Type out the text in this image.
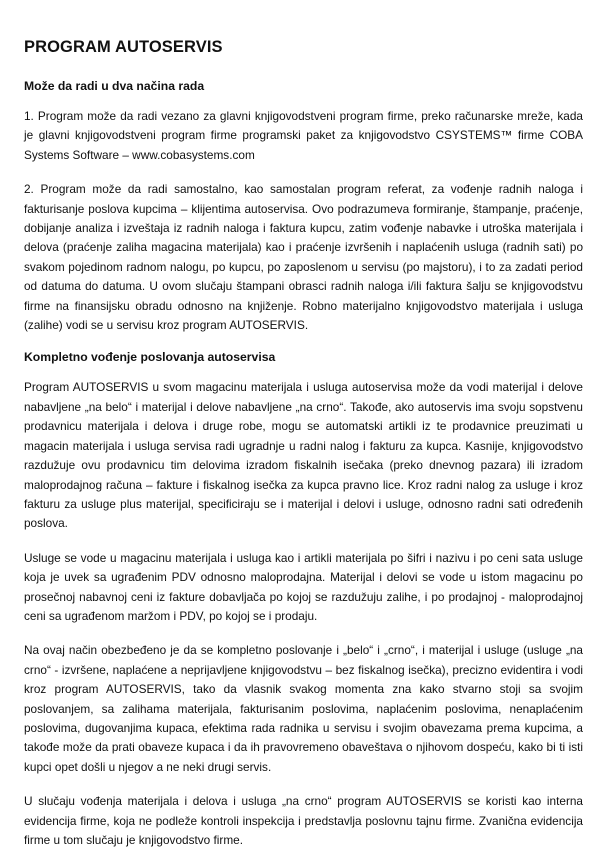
PROGRAM AUTOSERVIS
Može da radi u dva načina rada

1. Program može da radi vezano za glavni knjigovodstveni program firme, preko računarske mreže, kada je glavni knjigovodstveni program firme programski paket za knjigovodstvo CSYSTEMS™ firme COBA Systems Software – www.cobasystems.com

2. Program može da radi samostalno, kao samostalan program referat, za vođenje radnih naloga i fakturisanje poslova kupcima – klijentima autoservisa. Ovo podrazumeva formiranje, štampanje, praćenje, dobijanje analiza i izveštaja iz radnih naloga i faktura kupcu, zatim vođenje nabavke i utroška materijala i delova (praćenje zaliha magacina materijala) kao i praćenje izvršenih i naplaćenih usluga (radnih sati) po svakom pojedinom radnom nalogu, po kupcu, po zaposlenom u servisu (po majstoru), i to za zadati period od datuma do datuma. U ovom slučaju štampani obrasci radnih naloga i/ili faktura šalju se knjigovodstvu firme na finansijsku obradu odnosno na knjiženje. Robno materijalno knjigovodstvo materijala i usluga (zalihe) vodi se u servisu kroz program AUTOSERVIS.

Kompletno vođenje poslovanja autoservisa

Program AUTOSERVIS u svom magacinu materijala i usluga autoservisa može da vodi materijal i delove nabavljene „na belo“ i materijal i delove nabavljene „na crno“. Takođe, ako autoservis ima svoju sopstvenu prodavnicu materijala i delova i druge robe, mogu se automatski artikli iz te prodavnice preuzimati u magacin materijala i usluga servisa radi ugradnje u radni nalog i fakturu za kupca. Kasnije, knjigovodstvo razdužuje ovu prodavnicu tim delovima izradom fiskalnih isečaka (preko dnevnog pazara) ili izradom maloprodajnog računa – fakture i fiskalnog isečka za kupca pravno lice. Kroz radni nalog za usluge i kroz fakturu za usluge plus materijal, specificiraju se i materijal i delovi i usluge, odnosno radni sati određenih poslova.

Usluge se vode u magacinu materijala i usluga kao i artikli materijala po šifri i nazivu i po ceni sata usluge koja je uvek sa ugrađenim PDV odnosno maloprodajna. Materijal i delovi se vode u istom magacinu po prosečnoj nabavnoj ceni iz fakture dobavljača po kojoj se razdužuju zalihe, i po prodajnoj - maloprodajnoj ceni sa ugrađenom maržom i PDV, po kojoj se i prodaju.

Na ovaj način obezbeđeno je da se kompletno poslovanje i „belo“ i „crno“, i materijal i usluge (usluge „na crno“ - izvršene, naplaćene a neprijavljene knjigovodstvu – bez fiskalnog isečka), precizno evidentira i vodi kroz program AUTOSERVIS, tako da vlasnik svakog momenta zna kako stvarno stoji sa svojim poslovanjem, sa zalihama materijala, fakturisanim poslovima, naplaćenim poslovima, nenaplaćenim poslovima, dugovanjima kupaca, efektima rada radnika u servisu i svojim obavezama prema kupcima, a takođe može da prati obaveze kupaca i da ih pravovremeno obaveštava o njihovom dospeću, kako bi ti isti kupci opet došli u njegov a ne neki drugi servis.

U slučaju vođenja materijala i delova i usluga „na crno“ program AUTOSERVIS se koristi kao interna evidencija firme, koja ne podleže kontroli inspekcija i predstavlja poslovnu tajnu firme. Zvanična evidencija firme u tom slučaju je knjigovodstvo firme.
